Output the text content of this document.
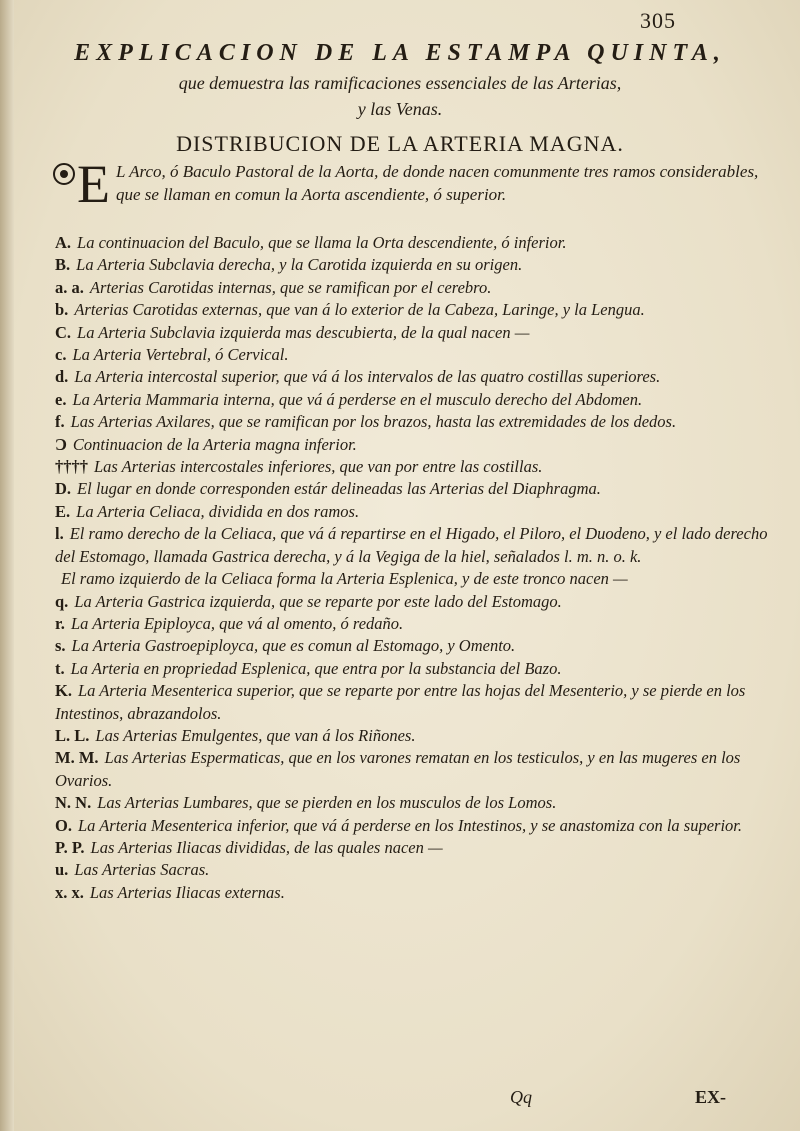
305
EXPLICACION DE LA ESTAMPA QUINTA,
que demuestra las ramificaciones essenciales de las Arterias,
y las Venas.
DISTRIBUCION DE LA ARTERIA MAGNA.
E L Arco, ó Baculo Pastoral de la Aorta, de donde nacen comunmente tres ramos considerables, que se llaman en comun la Aorta ascendiente, ó superior.

A. La continuacion del Baculo, que se llama la Orta descendiente, ó inferior.

B. La Arteria Subclavia derecha, y la Carotida izquierda en su origen.

a. a. Arterias Carotidas internas, que se ramifican por el cerebro.

b. Arterias Carotidas externas, que van á lo exterior de la Cabeza, Laringe, y la Lengua.

C. La Arteria Subclavia izquierda mas descubierta, de la qual nacen —

c. La Arteria Vertebral, ó Cervical.

d. La Arteria intercostal superior, que vá á los intervalos de las quatro costillas superiores.

e. La Arteria Mammaria interna, que vá á perderse en el musculo derecho del Abdomen.

f. Las Arterias Axilares, que se ramifican por los brazos, hasta las extremidades de los dedos.

Ɔ Continuacion de la Arteria magna inferior.

†††† Las Arterias intercostales inferiores, que van por entre las costillas.

D. El lugar en donde corresponden estár delineadas las Arterias del Diaphragma.

E. La Arteria Celiaca, dividida en dos ramos.

l. El ramo derecho de la Celiaca, que vá á repartirse en el Higado, el Piloro, el Duodeno, y el lado derecho del Estomago, llamada Gastrica derecha, y á la Vegiga de la hiel, señalados l. m. n. o. k.

El ramo izquierdo de la Celiaca forma la Arteria Esplenica, y de este tronco nacen —

q. La Arteria Gastrica izquierda, que se reparte por este lado del Estomago.

r. La Arteria Epiployca, que vá al omento, ó redaño.

s. La Arteria Gastroepiployca, que es comun al Estomago, y Omento.

t. La Arteria en propriedad Esplenica, que entra por la substancia del Bazo.

K. La Arteria Mesenterica superior, que se reparte por entre las hojas del Mesenterio, y se pierde en los Intestinos, abrazandolos.

L. L. Las Arterias Emulgentes, que van á los Riñones.

M. M. Las Arterias Espermaticas, que en los varones rematan en los testiculos, y en las mugeres en los Ovarios.

N. N. Las Arterias Lumbares, que se pierden en los musculos de los Lomos.

O. La Arteria Mesenterica inferior, que vá á perderse en los Intestinos, y se anastomiza con la superior.

P. P. Las Arterias Iliacas divididas, de las quales nacen —

u. Las Arterias Sacras.

x. x. Las Arterias Iliacas externas.

Qq	EX-
